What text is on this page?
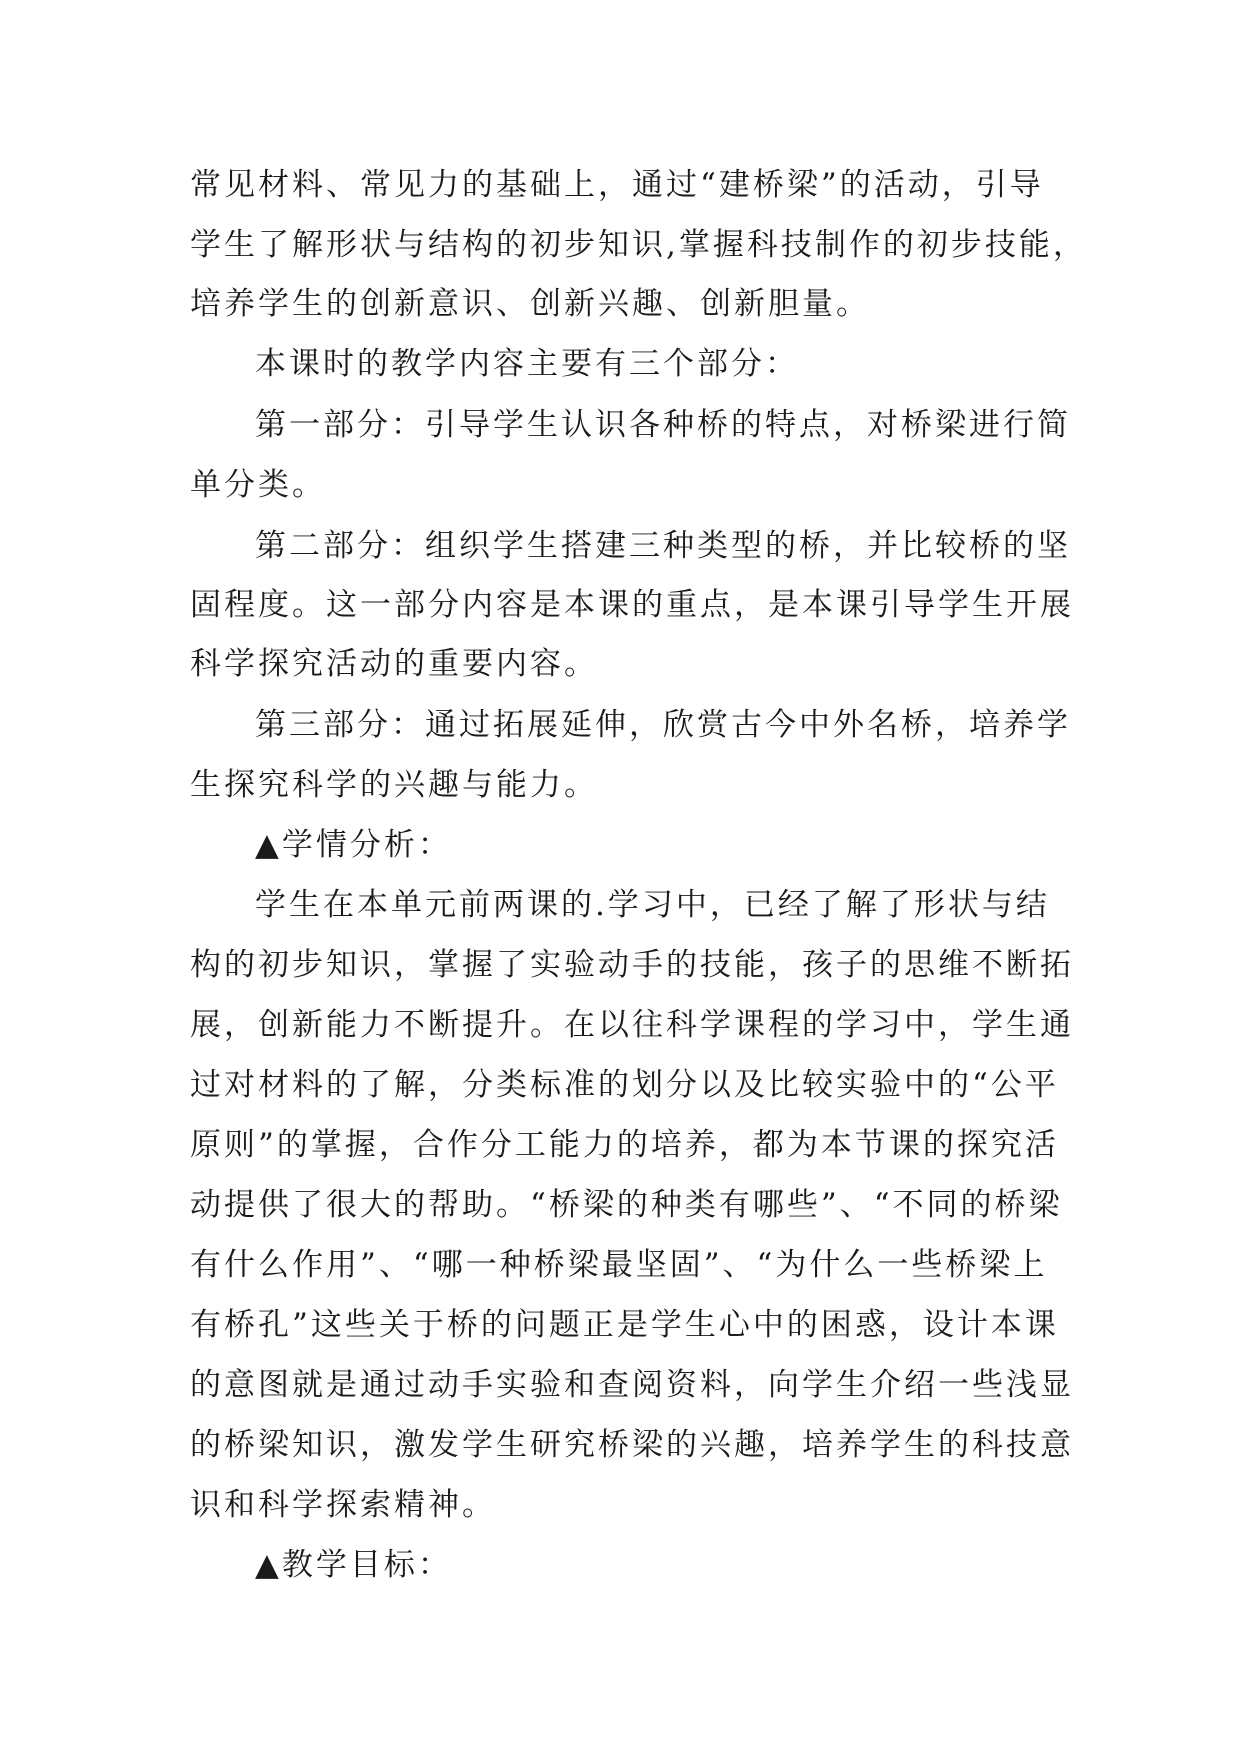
常见材料、常见力的基础上，通过“建桥梁”的活动，引导
学生了解形状与结构的初步知识,掌握科技制作的初步技能，
培养学生的创新意识、创新兴趣、创新胆量。
本课时的教学内容主要有三个部分：
第一部分：引导学生认识各种桥的特点，对桥梁进行简
单分类。
第二部分：组织学生搭建三种类型的桥，并比较桥的坚
固程度。这一部分内容是本课的重点，是本课引导学生开展
科学探究活动的重要内容。
第三部分：通过拓展延伸，欣赏古今中外名桥，培养学
生探究科学的兴趣与能力。
▲学情分析：
学生在本单元前两课的.学习中，已经了解了形状与结
构的初步知识，掌握了实验动手的技能，孩子的思维不断拓
展，创新能力不断提升。在以往科学课程的学习中，学生通
过对材料的了解，分类标准的划分以及比较实验中的“公平
原则”的掌握，合作分工能力的培养，都为本节课的探究活
动提供了很大的帮助。“桥梁的种类有哪些”、“不同的桥梁
有什么作用”、“哪一种桥梁最坚固”、“为什么一些桥梁上
有桥孔”这些关于桥的问题正是学生心中的困惑，设计本课
的意图就是通过动手实验和查阅资料，向学生介绍一些浅显
的桥梁知识，激发学生研究桥梁的兴趣，培养学生的科技意
识和科学探索精神。
▲教学目标：
